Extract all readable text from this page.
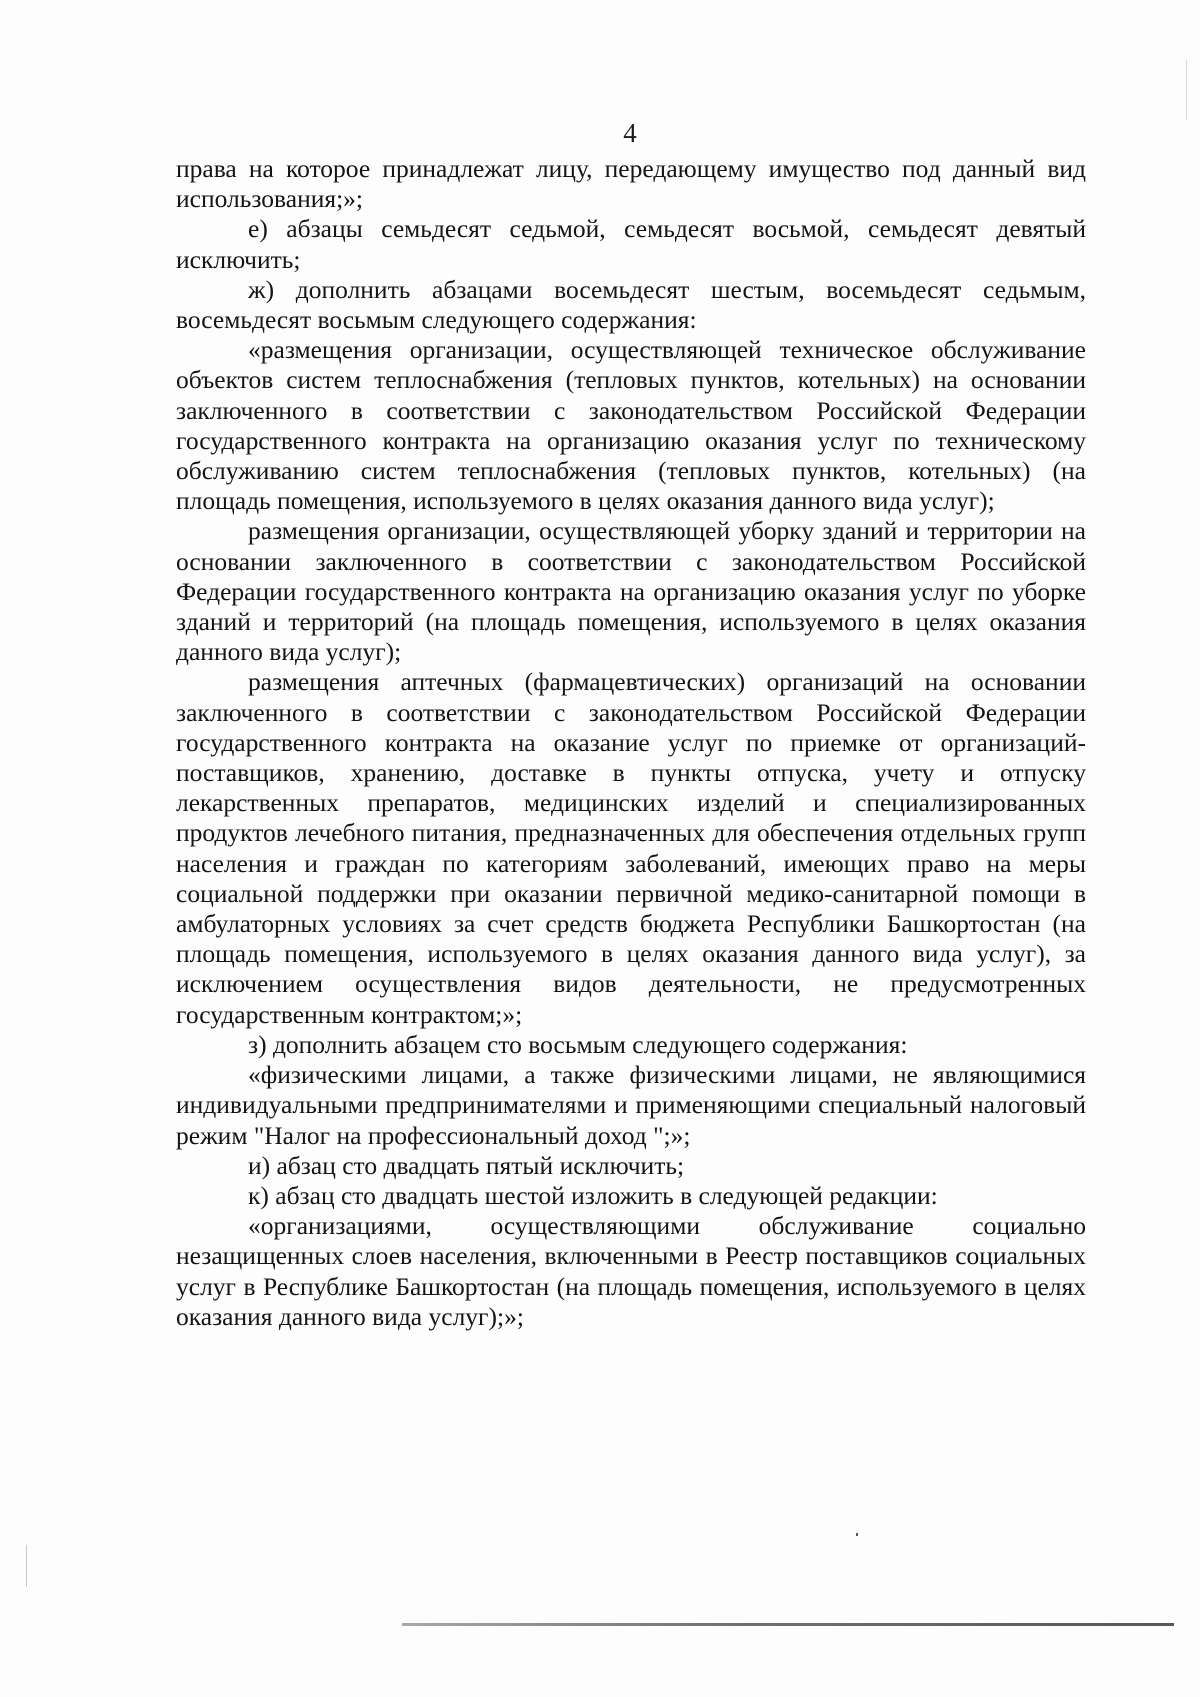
4

права на которое принадлежат лицу, передающему имущество под данный вид использования;»;

е) абзацы семьдесят седьмой, семьдесят восьмой, семьдесят девятый исключить;

ж) дополнить абзацами восемьдесят шестым, восемьдесят седьмым, восемьдесят восьмым следующего содержания:

«размещения организации, осуществляющей техническое обслуживание объектов систем теплоснабжения (тепловых пунктов, котельных) на основании заключенного в соответствии с законодательством Российской Федерации государственного контракта на организацию оказания услуг по техническому обслуживанию систем теплоснабжения (тепловых пунктов, котельных) (на площадь помещения, используемого в целях оказания данного вида услуг);

размещения организации, осуществляющей уборку зданий и территории на основании заключенного в соответствии с законодательством Российской Федерации государственного контракта на организацию оказания услуг по уборке зданий и территорий (на площадь помещения, используемого в целях оказания данного вида услуг);

размещения аптечных (фармацевтических) организаций на основании заключенного в соответствии с законодательством Российской Федерации государственного контракта на оказание услуг по приемке от организаций-поставщиков, хранению, доставке в пункты отпуска, учету и отпуску лекарственных препаратов, медицинских изделий и специализированных продуктов лечебного питания, предназначенных для обеспечения отдельных групп населения и граждан по категориям заболеваний, имеющих право на меры социальной поддержки при оказании первичной медико-санитарной помощи в амбулаторных условиях за счет средств бюджета Республики Башкортостан (на площадь помещения, используемого в целях оказания данного вида услуг), за исключением осуществления видов деятельности, не предусмотренных государственным контрактом;»;

з) дополнить абзацем сто восьмым следующего содержания:

«физическими лицами, а также физическими лицами, не являющимися индивидуальными предпринимателями и применяющими специальный налоговый режим "Налог на профессиональный доход ";»;

и) абзац сто двадцать пятый исключить;

к) абзац сто двадцать шестой изложить в следующей редакции:

«организациями, осуществляющими обслуживание социально незащищенных слоев населения, включенными в Реестр поставщиков социальных услуг в Республике Башкортостан (на площадь помещения, используемого в целях оказания данного вида услуг);»;
